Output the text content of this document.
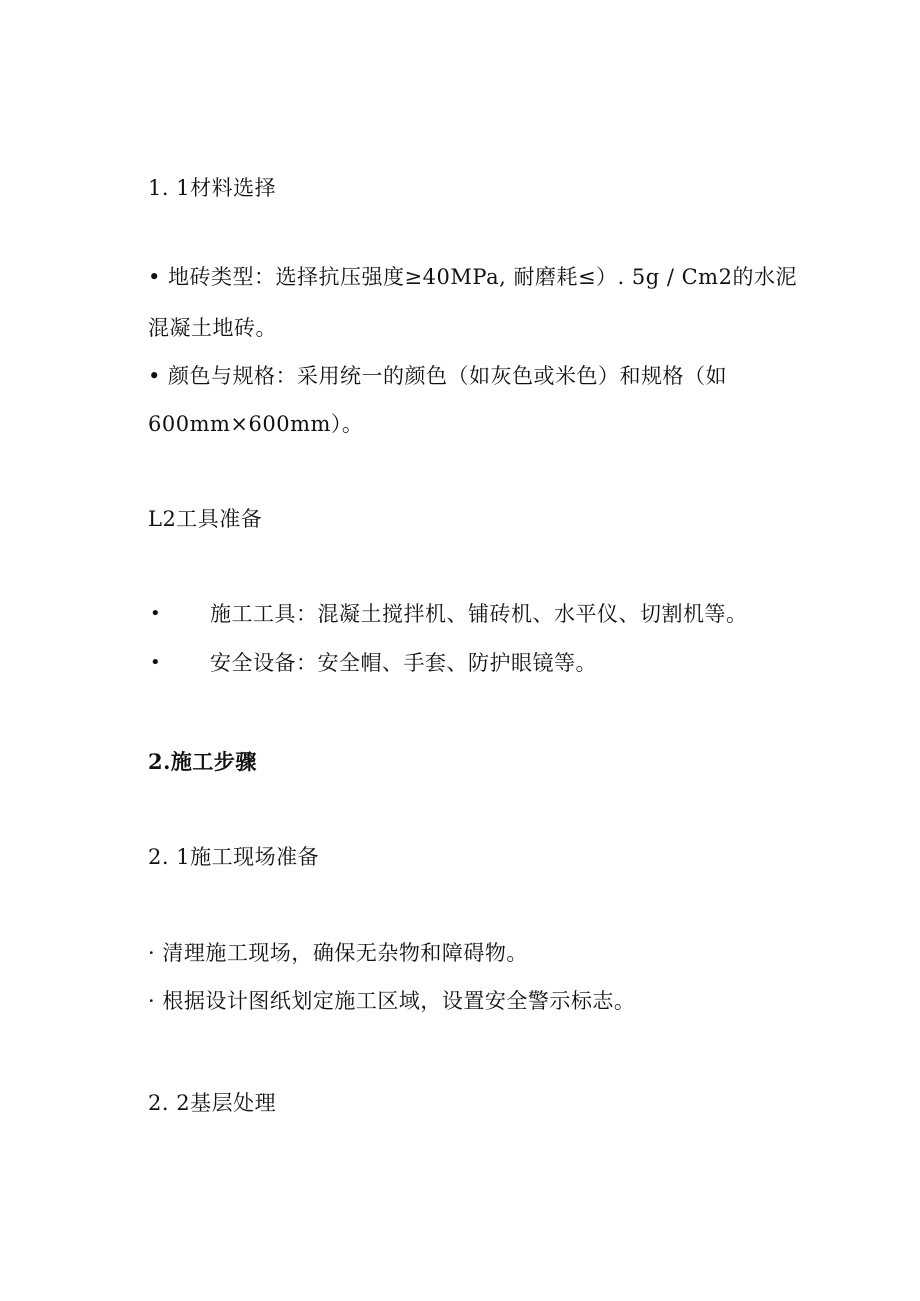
1. 1材料选择
• 地砖类型：选择抗压强度≥40MPa, 耐磨耗≤）. 5g / Cm2的水泥
混凝土地砖。
• 颜色与规格：采用统一的颜色（如灰色或米色）和规格（如
600mm×600mm）。
L2工具准备
• 施工工具：混凝土搅拌机、铺砖机、水平仪、切割机等。
• 安全设备：安全帽、手套、防护眼镜等。
2.施工步骤
2. 1施工现场准备
· 清理施工现场，确保无杂物和障碍物。
· 根据设计图纸划定施工区域，设置安全警示标志。
2. 2基层处理
